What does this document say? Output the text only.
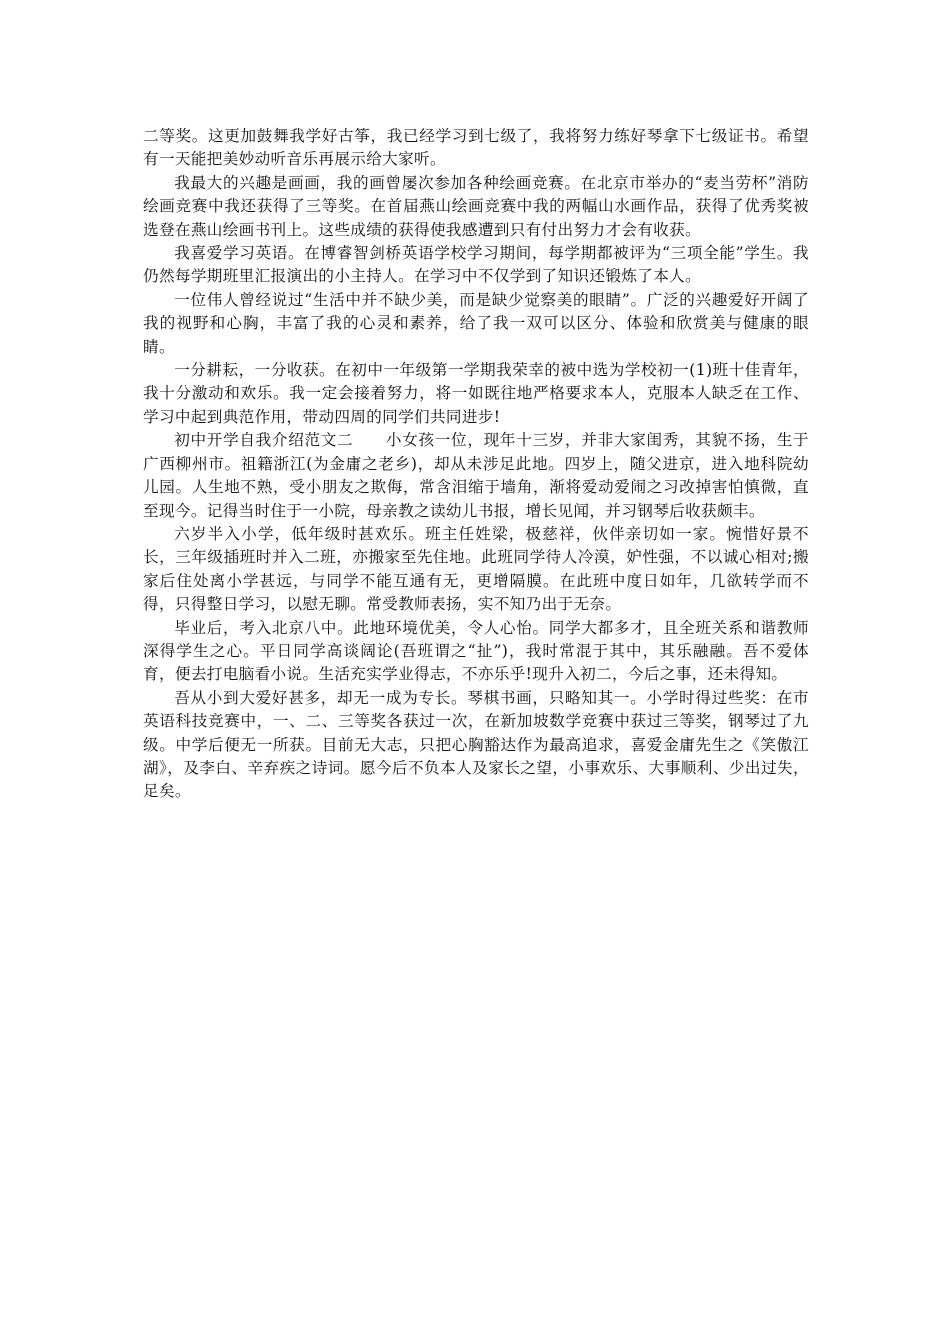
二等奖。这更加鼓舞我学好古筝，我已经学习到七级了，我将努力练好琴拿下七级证书。希望有一天能把美妙动听音乐再展示给大家听。

我最大的兴趣是画画，我的画曾屡次参加各种绘画竞赛。在北京市举办的“麦当劳杯”消防绘画竞赛中我还获得了三等奖。在首届燕山绘画竞赛中我的两幅山水画作品，获得了优秀奖被选登在燕山绘画书刊上。这些成绩的获得使我感遭到只有付出努力才会有收获。

我喜爱学习英语。在博睿智剑桥英语学校学习期间，每学期都被评为“三项全能”学生。我仍然每学期班里汇报演出的小主持人。在学习中不仅学到了知识还锻炼了本人。

一位伟人曾经说过“生活中并不缺少美，而是缺少觉察美的眼睛”。广泛的兴趣爱好开阔了我的视野和心胸，丰富了我的心灵和素养，给了我一双可以区分、体验和欣赏美与健康的眼睛。

一分耕耘，一分收获。在初中一年级第一学期我荣幸的被中选为学校初一(1)班十佳青年，我十分激动和欢乐。我一定会接着努力，将一如既往地严格要求本人，克服本人缺乏在工作、学习中起到典范作用，带动四周的同学们共同进步!

初中开学自我介绍范文二　　小女孩一位，现年十三岁，并非大家闺秀，其貌不扬，生于广西柳州市。祖籍浙江(为金庸之老乡)，却从未涉足此地。四岁上，随父进京，进入地科院幼儿园。人生地不熟，受小朋友之欺侮，常含泪缩于墙角，渐将爱动爱闹之习改掉害怕慎微，直至现今。记得当时住于一小院，母亲教之读幼儿书报，增长见闻，并习钢琴后收获颇丰。

六岁半入小学，低年级时甚欢乐。班主任姓梁，极慈祥，伙伴亲切如一家。惋惜好景不长，三年级插班时并入二班，亦搬家至先住地。此班同学待人冷漠，妒性强，不以诚心相对;搬家后住处离小学甚远，与同学不能互通有无，更增隔膜。在此班中度日如年，几欲转学而不得，只得整日学习，以慰无聊。常受教师表扬，实不知乃出于无奈。

毕业后，考入北京八中。此地环境优美，令人心怡。同学大都多才，且全班关系和谐教师深得学生之心。平日同学高谈阔论(吾班谓之“扯”)，我时常混于其中，其乐融融。吾不爱体育，便去打电脑看小说。生活充实学业得志，不亦乐乎!现升入初二，今后之事，还未得知。

吾从小到大爱好甚多，却无一成为专长。琴棋书画，只略知其一。小学时得过些奖：在市英语科技竞赛中，一、二、三等奖各获过一次，在新加坡数学竞赛中获过三等奖，钢琴过了九级。中学后便无一所获。目前无大志，只把心胸豁达作为最高追求，喜爱金庸先生之《笑傲江湖》，及李白、辛弃疾之诗词。愿今后不负本人及家长之望，小事欢乐、大事顺利、少出过失，足矣。
